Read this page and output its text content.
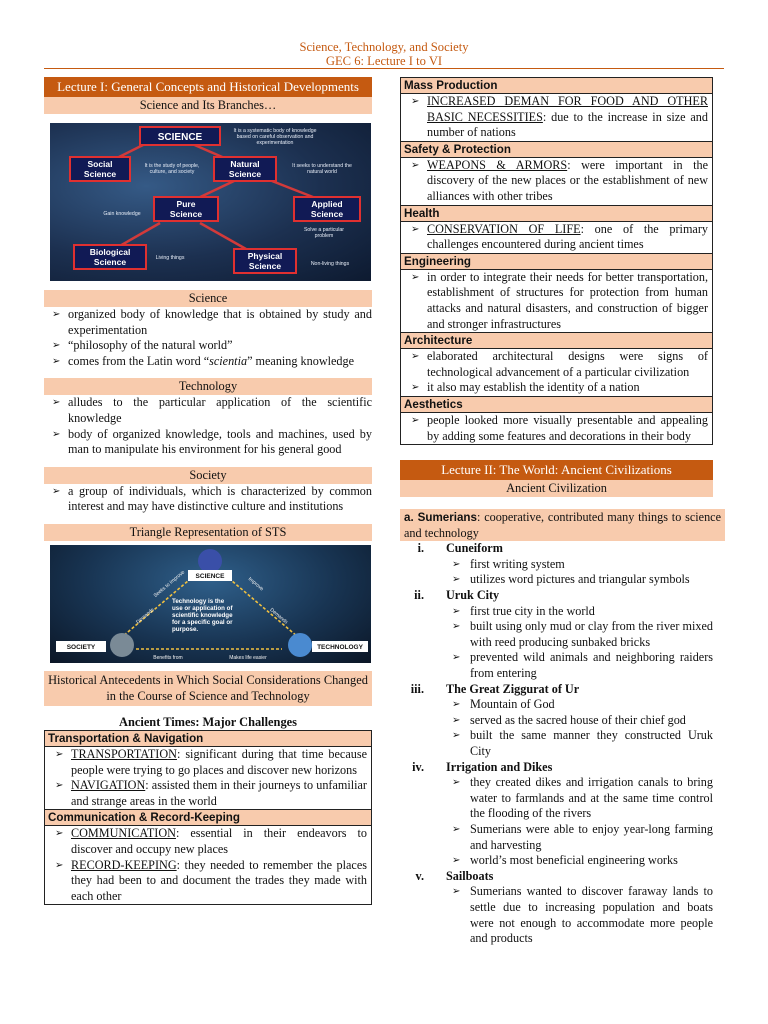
Science, Technology, and Society
GEC 6: Lecture I to VI
Lecture I: General Concepts and Historical Developments
Science and Its Branches…
SCIENCE
Social
Science
Natural
Science
Pure
Science
Applied
Science
Biological
Science
Physical
Science
It is a systematic body of knowledge
based on careful observation and
experimentation
It is the study of people,
culture, and society
It seeks to understand the
natural world
Gain knowledge
Solve a particular
problem
Living things
Non-living things
Science
➢ organized body of knowledge that is obtained by study and experimentation
➢ “philosophy of the natural world”
➢ comes from the Latin word “scientia” meaning knowledge
Technology
➢ alludes to the particular application of the scientific knowledge
➢ body of organized knowledge, tools and machines, used by man to manipulate his environment for his general good
Society
➢ a group of individuals, which is characterized by common interest and may have distinctive culture and institutions
Triangle Representation of STS
SCIENCE
SOCIETY	TECHNOLOGY
Technology is the
use or application of
scientific knowledge
for a specific goal or
purpose.
Seeks to improve	Improve
Demands	Demands
Benefits from	Makes life easier
Historical Antecedents in Which Social Considerations Changed in the Course of Science and Technology
Ancient Times: Major Challenges
Transportation & Navigation
➢ TRANSPORTATION: significant during that time because people were trying to go places and discover new horizons
➢ NAVIGATION: assisted them in their journeys to unfamiliar and strange areas in the world
Communication & Record-Keeping
➢ COMMUNICATION: essential in their endeavors to discover and occupy new places
➢ RECORD-KEEPING: they needed to remember the places they had been to and document the trades they made with each other
Mass Production
➢ INCREASED DEMAN FOR FOOD AND OTHER BASIC NECESSITIES: due to the increase in size and number of nations
Safety & Protection
➢ WEAPONS & ARMORS: were important in the discovery of the new places or the establishment of new alliances with other tribes
Health
➢ CONSERVATION OF LIFE: one of the primary challenges encountered during ancient times
Engineering
➢ in order to integrate their needs for better transportation, establishment of structures for protection from human attacks and natural disasters, and construction of bigger and stronger infrastructures
Architecture
➢ elaborated architectural designs were signs of technological advancement of a particular civilization
➢ it also may establish the identity of a nation
Aesthetics
➢ people looked more visually presentable and appealing by adding some features and decorations in their body
Lecture II: The World: Ancient Civilizations
Ancient Civilization
a. Sumerians: cooperative, contributed many things to science and technology
i. Cuneiform
➢ first writing system
➢ utilizes word pictures and triangular symbols
ii. Uruk City
➢ first true city in the world
➢ built using only mud or clay from the river mixed with reed producing sunbaked bricks
➢ prevented wild animals and neighboring raiders from entering
iii. The Great Ziggurat of Ur
➢ Mountain of God
➢ served as the sacred house of their chief god
➢ built the same manner they constructed Uruk City
iv. Irrigation and Dikes
➢ they created dikes and irrigation canals to bring water to farmlands and at the same time control the flooding of the rivers
➢ Sumerians were able to enjoy year-long farming and harvesting
➢ world’s most beneficial engineering works
v. Sailboats
➢ Sumerians wanted to discover faraway lands to settle due to increasing population and boats were not enough to accommodate more people and products
